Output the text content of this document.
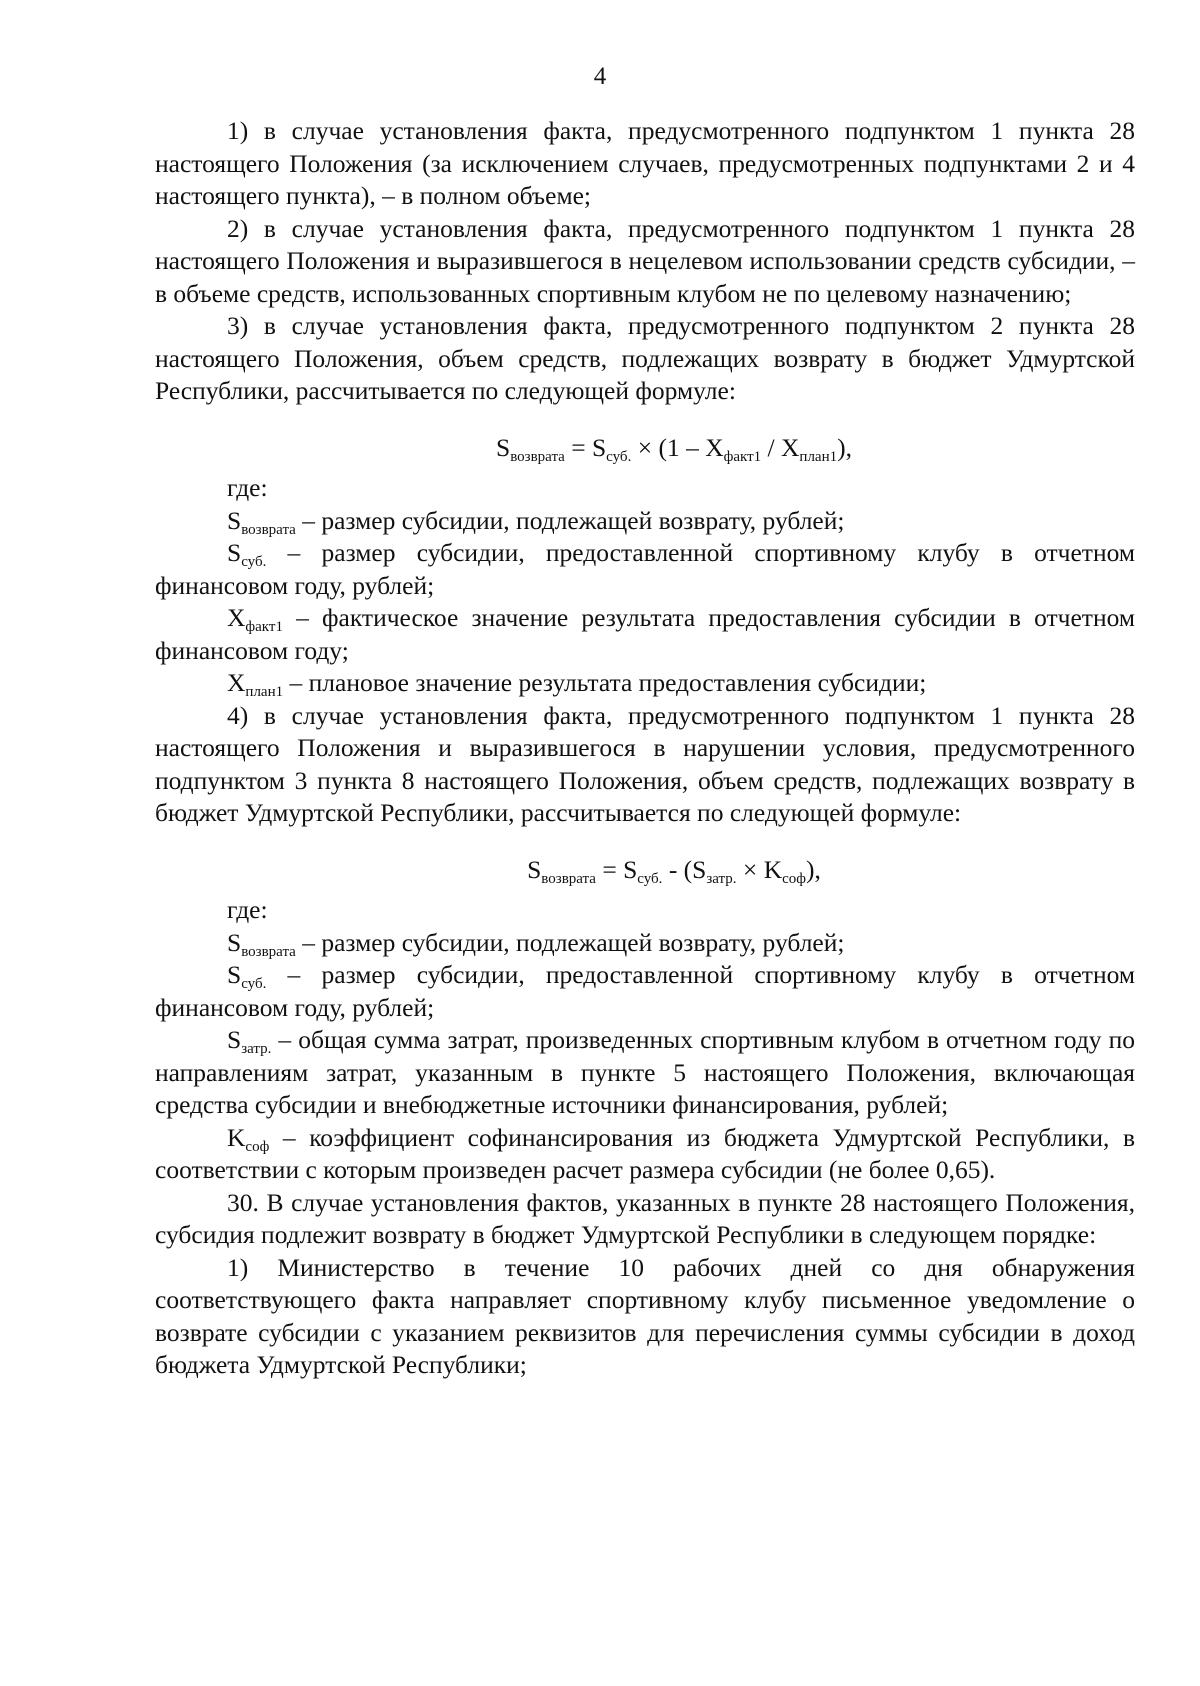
4

1) в случае установления факта, предусмотренного подпунктом 1 пункта 28 настоящего Положения (за исключением случаев, предусмотренных подпунктами 2 и 4 настоящего пункта), – в полном объеме;

2) в случае установления факта, предусмотренного подпунктом 1 пункта 28 настоящего Положения и выразившегося в нецелевом использовании средств субсидии, – в объеме средств, использованных спортивным клубом не по целевому назначению;

3) в случае установления факта, предусмотренного подпунктом 2 пункта 28 настоящего Положения, объем средств, подлежащих возврату в бюджет Удмуртской Республики, рассчитывается по следующей формуле:

$S_{возврата} = S_{суб.} \times (1 - X_{факт1} / X_{план1})$,

где:

$S_{возврата}$ – размер субсидии, подлежащей возврату, рублей;

$S_{суб.}$ – размер субсидии, предоставленной спортивному клубу в отчетном финансовом году, рублей;

$X_{факт1}$ – фактическое значение результата предоставления субсидии в отчетном финансовом году;

$X_{план1}$ – плановое значение результата предоставления субсидии;

4) в случае установления факта, предусмотренного подпунктом 1 пункта 28 настоящего Положения и выразившегося в нарушении условия, предусмотренного подпунктом 3 пункта 8 настоящего Положения, объем средств, подлежащих возврату в бюджет Удмуртской Республики, рассчитывается по следующей формуле:

$S_{возврата} = S_{суб.} - (S_{затр.} \times K_{соф})$,

где:

$S_{возврата}$ – размер субсидии, подлежащей возврату, рублей;

$S_{суб.}$ – размер субсидии, предоставленной спортивному клубу в отчетном финансовом году, рублей;

$S_{затр.}$ – общая сумма затрат, произведенных спортивным клубом в отчетном году по направлениям затрат, указанным в пункте 5 настоящего Положения, включающая средства субсидии и внебюджетные источники финансирования, рублей;

$K_{соф}$ – коэффициент софинансирования из бюджета Удмуртской Республики, в соответствии с которым произведен расчет размера субсидии (не более 0,65).

30. В случае установления фактов, указанных в пункте 28 настоящего Положения, субсидия подлежит возврату в бюджет Удмуртской Республики в следующем порядке:

1) Министерство в течение 10 рабочих дней со дня обнаружения соответствующего факта направляет спортивному клубу письменное уведомление о возврате субсидии с указанием реквизитов для перечисления суммы субсидии в доход бюджета Удмуртской Республики;
